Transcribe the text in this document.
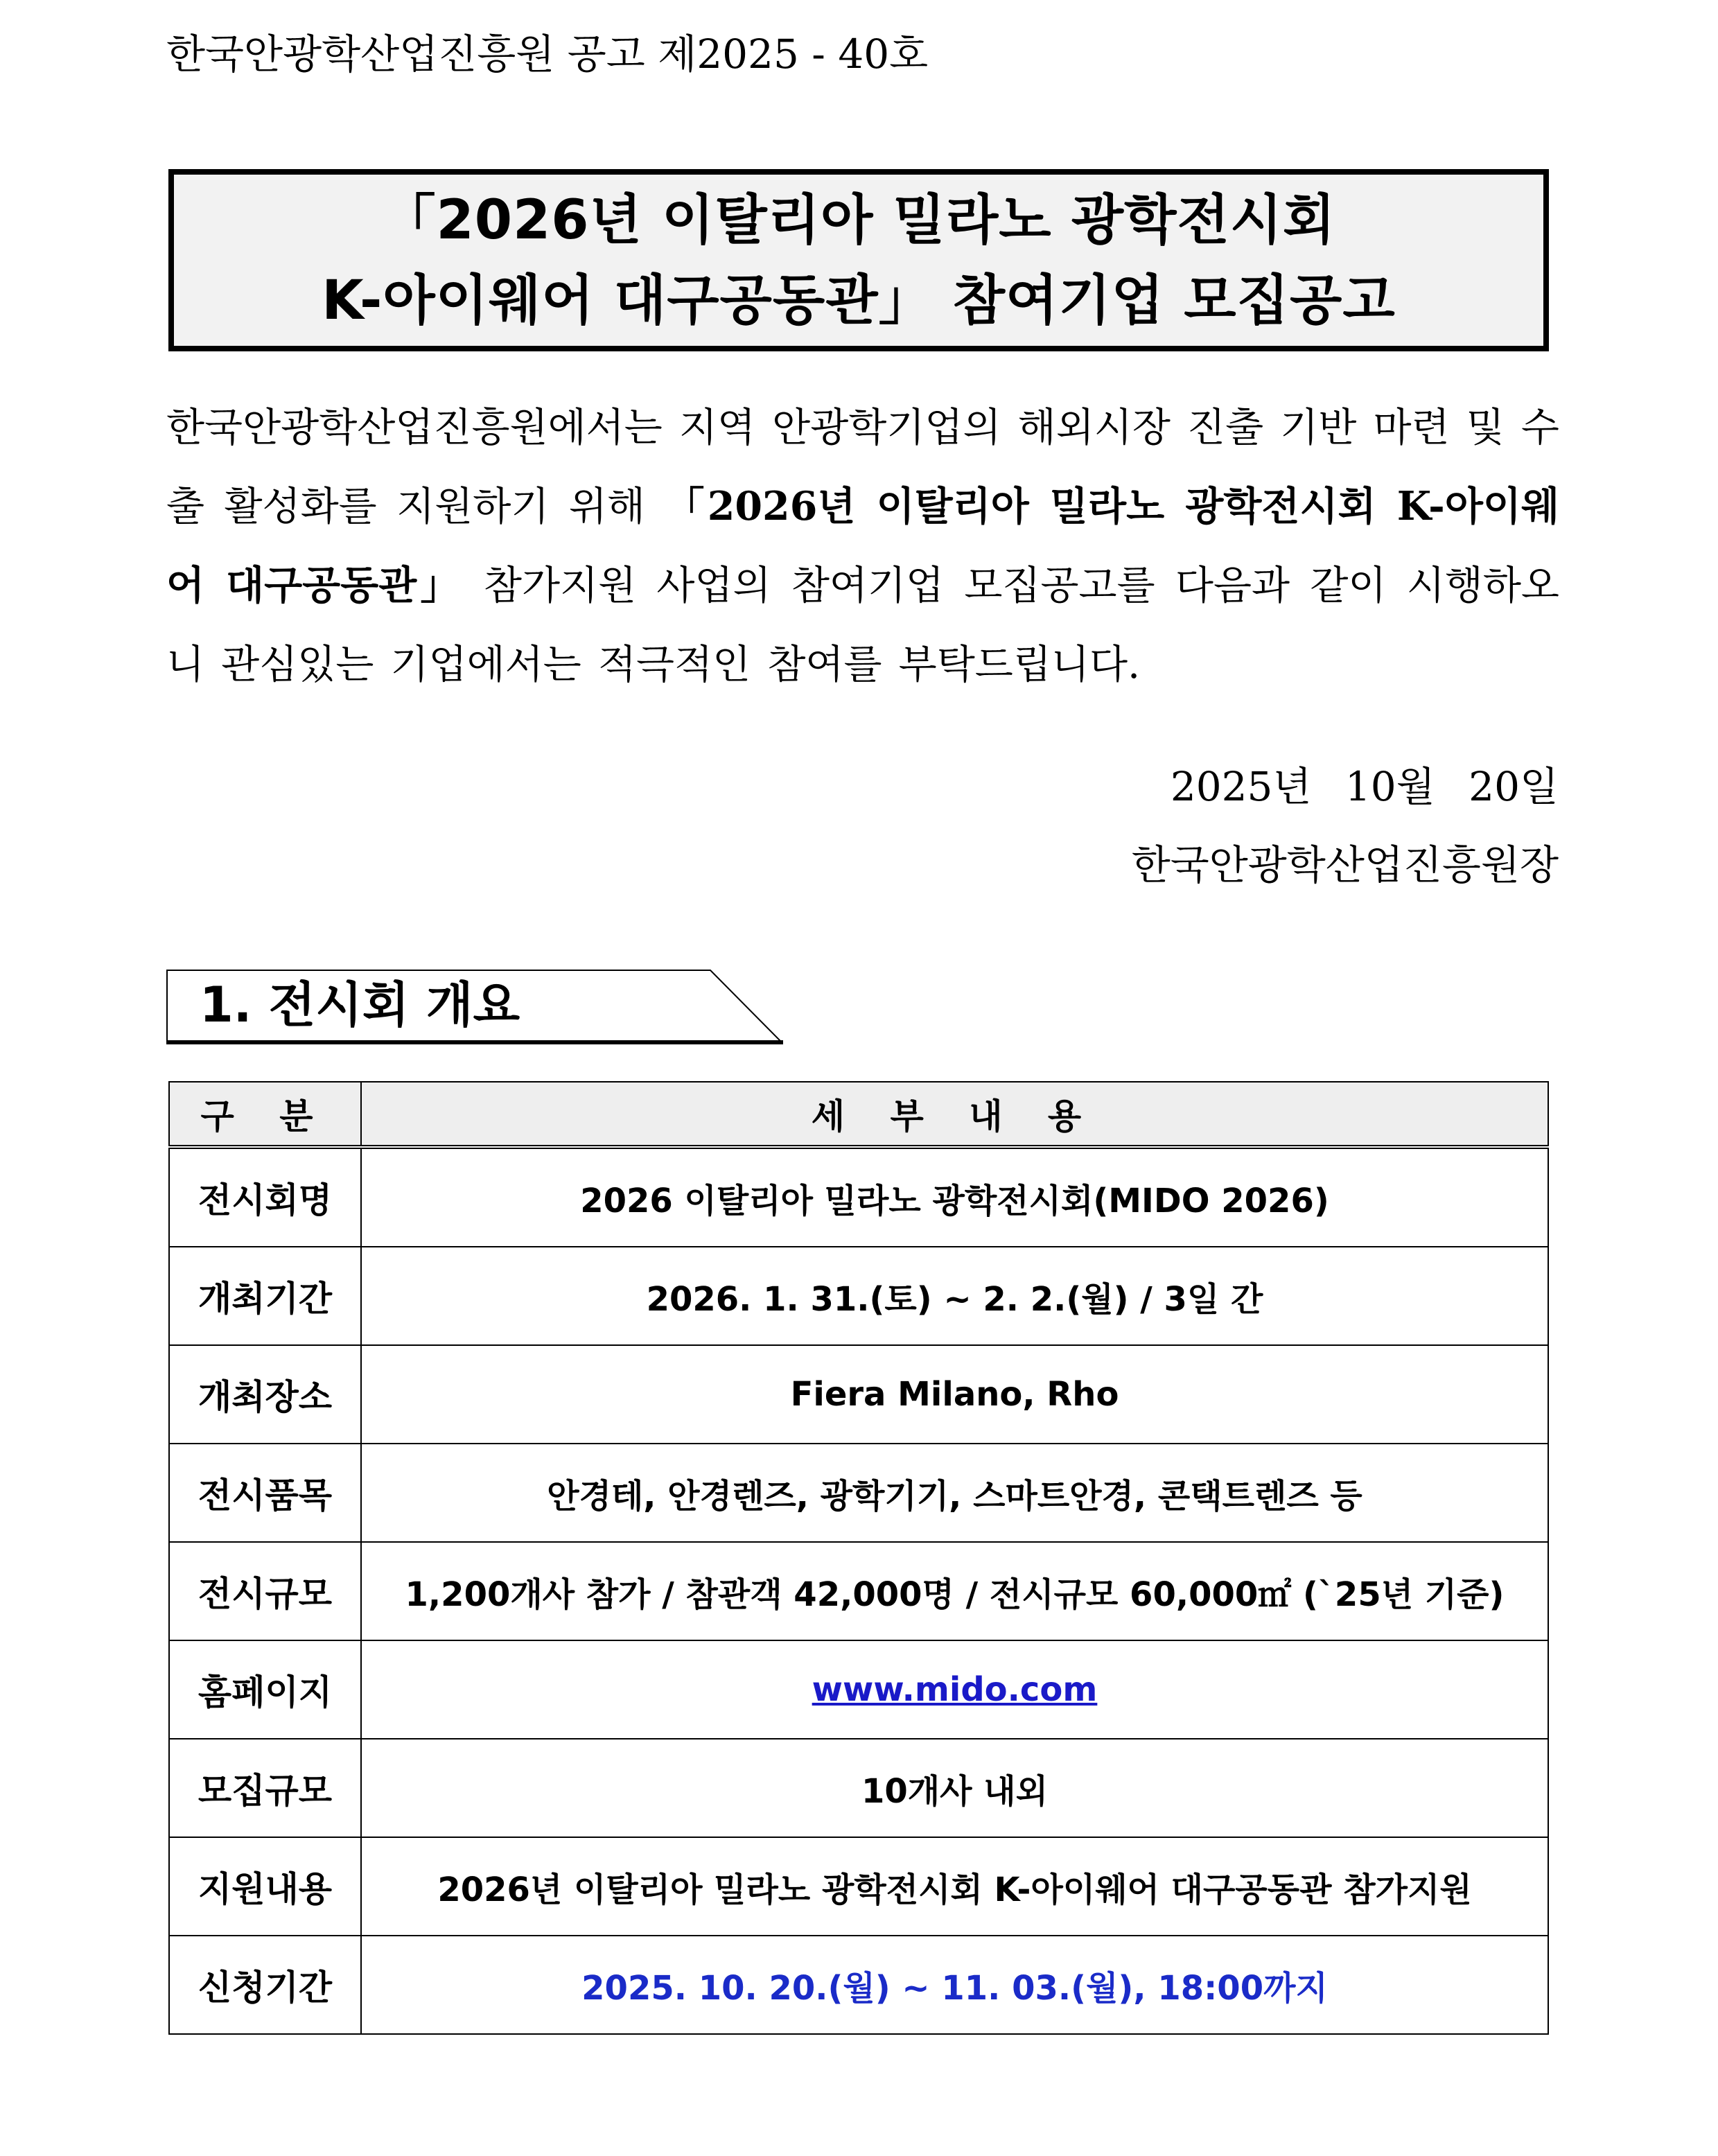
한국안광학산업진흥원 공고 제2025 - 40호
「2026년 이탈리아 밀라노 광학전시회
K-아이웨어 대구공동관」 참여기업 모집공고
한국안광학산업진흥원에서는 지역 안광학기업의 해외시장 진출 기반 마련 및 수출 활성화를 지원하기 위해 「2026년 이탈리아 밀라노 광학전시회 K-아이웨어 대구공동관」 참가지원 사업의 참여기업 모집공고를 다음과 같이 시행하오니 관심있는 기업에서는 적극적인 참여를 부탁드립니다.
2025년 10월 20일
한국안광학산업진흥원장
1. 전시회 개요
구 분	세 부 내 용
전시회명	2026 이탈리아 밀라노 광학전시회(MIDO 2026)
개최기간	2026. 1. 31.(토) ~ 2. 2.(월) / 3일 간
개최장소	Fiera Milano, Rho
전시품목	안경테, 안경렌즈, 광학기기, 스마트안경, 콘택트렌즈 등
전시규모	1,200개사 참가 / 참관객 42,000명 / 전시규모 60,000㎡ (`25년 기준)
홈페이지	www.mido.com
모집규모	10개사 내외
지원내용	2026년 이탈리아 밀라노 광학전시회 K-아이웨어 대구공동관 참가지원
신청기간	2025. 10. 20.(월) ~ 11. 03.(월), 18:00까지
